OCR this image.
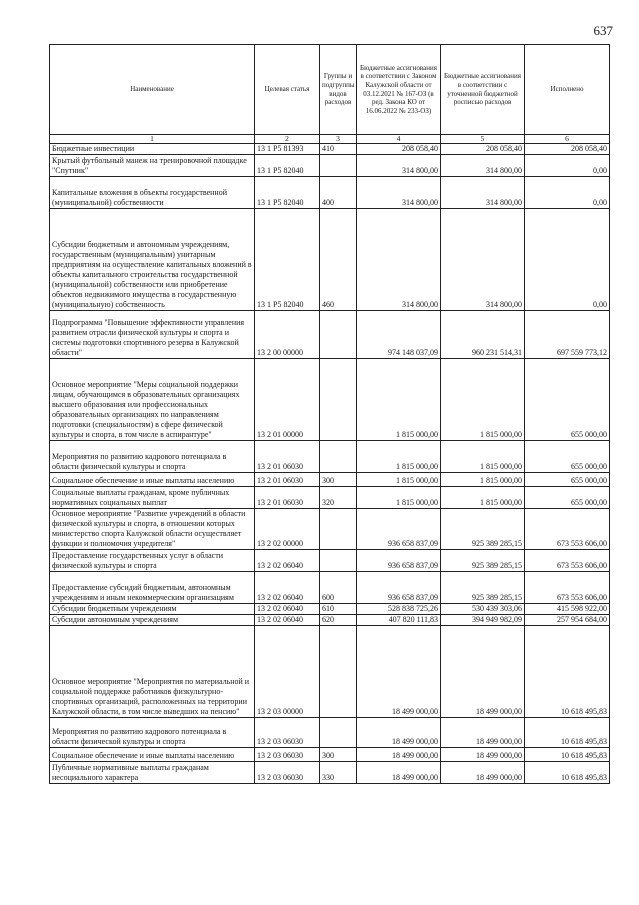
637
Наименование	Целевая статья	Группы и подгруппы видов расходов	Бюджетные ассигнования в соответствии с Законом Калужской области от 03.12.2021 № 167-ОЗ (в ред. Закона КО от 16.06.2022 № 233-ОЗ)	Бюджетные ассигнования в соответствии с уточненной бюджетной росписью расходов	Исполнено
1	2	3	4	5	6
Бюджетные инвестиции	13 1 P5 81393	410	208 058,40	208 058,40	208 058,40
Крытый футбольный манеж на тренировочной площадке "Спутник"	13 1 P5 82040		314 800,00	314 800,00	0,00
Капитальные вложения в объекты государственной (муниципальной) собственности	13 1 P5 82040	400	314 800,00	314 800,00	0,00
Субсидии бюджетным и автономным учреждениям, государственным (муниципальным) унитарным предприятиям на осуществление капитальных вложений в объекты капитального строительства государственной (муниципальной) собственности или приобретение объектов недвижимого имущества в государственную (муниципальную) собственность	13 1 P5 82040	460	314 800,00	314 800,00	0,00
Подпрограмма "Повышение эффективности управления развитием отрасли физической культуры и спорта и системы подготовки спортивного резерва в Калужской области"	13 2 00 00000		974 148 037,09	960 231 514,31	697 559 773,12
Основное мероприятие "Меры социальной поддержки лицам, обучающимся в образовательных организациях высшего образования или профессиональных образовательных организациях по направлениям подготовки (специальностям) в сфере физической культуры и спорта, в том числе в аспирантуре"	13 2 01 00000		1 815 000,00	1 815 000,00	655 000,00
Мероприятия по развитию кадрового потенциала в области физической культуры и спорта	13 2 01 06030		1 815 000,00	1 815 000,00	655 000,00
Социальное обеспечение и иные выплаты населению	13 2 01 06030	300	1 815 000,00	1 815 000,00	655 000,00
Социальные выплаты гражданам, кроме публичных нормативных социальных выплат	13 2 01 06030	320	1 815 000,00	1 815 000,00	655 000,00
Основное мероприятие "Развитие учреждений в области физической культуры и спорта, в отношении которых министерство спорта Калужской области осуществляет функции и полномочия учредителя"	13 2 02 00000		936 658 837,09	925 389 285,15	673 553 606,00
Предоставление государственных услуг в области физической культуры и спорта	13 2 02 06040		936 658 837,09	925 389 285,15	673 553 606,00
Предоставление субсидий бюджетным, автономным учреждениям и иным некоммерческим организациям	13 2 02 06040	600	936 658 837,09	925 389 285,15	673 553 606,00
Субсидии бюджетным учреждениям	13 2 02 06040	610	528 838 725,26	530 439 303,06	415 598 922,00
Субсидии автономным учреждениям	13 2 02 06040	620	407 820 111,83	394 949 982,09	257 954 684,00
Основное мероприятие "Мероприятия по материальной и социальной поддержке работников физкультурно-спортивных организаций, расположенных на территории Калужской области, в том числе выведших на пенсию"	13 2 03 00000		18 499 000,00	18 499 000,00	10 618 495,83
Мероприятия по развитию кадрового потенциала в области физической культуры и спорта	13 2 03 06030		18 499 000,00	18 499 000,00	10 618 495,83
Социальное обеспечение и иные выплаты населению	13 2 03 06030	300	18 499 000,00	18 499 000,00	10 618 495,83
Публичные нормативные выплаты гражданам несоциального характера	13 2 03 06030	330	18 499 000,00	18 499 000,00	10 618 495,83
